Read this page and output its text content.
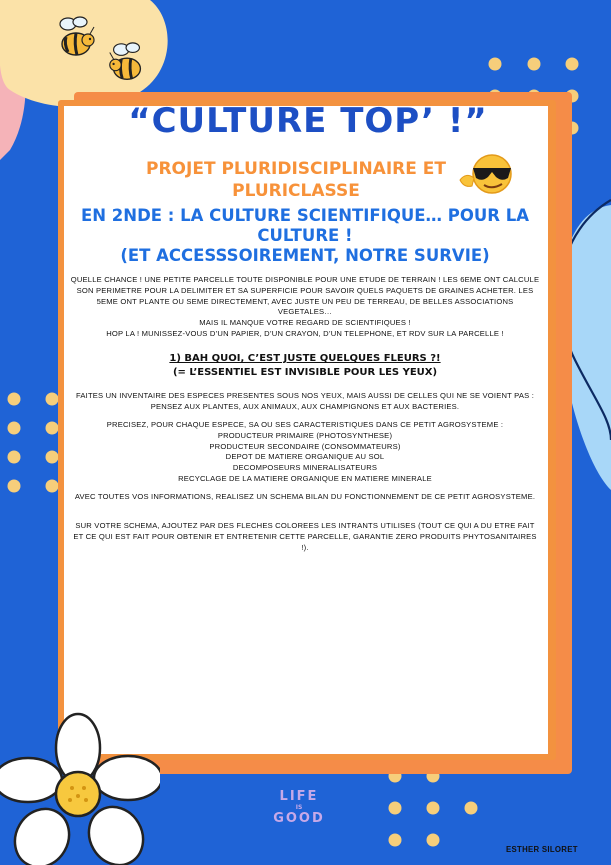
“CULTURE TOP’ !”

PROJET PLURIDISCIPLINAIRE ET PLURICLASSE

EN 2NDE : LA CULTURE SCIENTIFIQUE… POUR LA CULTURE !
(ET ACCESSSOIREMENT, NOTRE SURVIE)

QUELLE CHANCE ! UNE PETITE PARCELLE TOUTE DISPONIBLE POUR UNE ETUDE DE TERRAIN ! LES 6EME ONT CALCULE SON PERIMETRE POUR LA DELIMITER ET SA SUPERFICIE POUR SAVOIR QUELS PAQUETS DE GRAINES ACHETER. LES 5EME ONT PLANTE OU SEME DIRECTEMENT, AVEC JUSTE UN PEU DE TERREAU, DE BELLES ASSOCIATIONS VEGETALES…
MAIS IL MANQUE VOTRE REGARD DE SCIENTIFIQUES !
HOP LA ! MUNISSEZ-VOUS D’UN PAPIER, D’UN CRAYON, D’UN TELEPHONE, ET RDV SUR LA PARCELLE !

1) BAH QUOI, C’EST JUSTE QUELQUES FLEURS ?!
(= L’ESSENTIEL EST INVISIBLE POUR LES YEUX)

FAITES UN INVENTAIRE DES ESPECES PRESENTES SOUS NOS YEUX, MAIS AUSSI DE CELLES QUI NE SE VOIENT PAS : PENSEZ AUX PLANTES, AUX ANIMAUX, AUX CHAMPIGNONS ET AUX BACTERIES.

PRECISEZ, POUR CHAQUE ESPECE, SA OU SES CARACTERISTIQUES DANS CE PETIT AGROSYSTEME :
PRODUCTEUR PRIMAIRE (PHOTOSYNTHESE)
PRODUCTEUR SECONDAIRE (CONSOMMATEURS)
DEPOT DE MATIERE ORGANIQUE AU SOL
DECOMPOSEURS MINERALISATEURS
RECYCLAGE DE LA MATIERE ORGANIQUE EN MATIERE MINERALE

AVEC TOUTES VOS INFORMATIONS, REALISEZ UN SCHEMA BILAN DU FONCTIONNEMENT DE CE PETIT AGROSYSTEME.

SUR VOTRE SCHEMA, AJOUTEZ PAR DES FLECHES COLOREES LES INTRANTS UTILISES (TOUT CE QUI A DU ETRE FAIT ET CE QUI EST FAIT POUR OBTENIR ET ENTRETENIR CETTE PARCELLE, GARANTIE ZERO PRODUITS PHYTOSANITAIRES !).

LIFE
IS
GOOD
ESTHER SILORET
